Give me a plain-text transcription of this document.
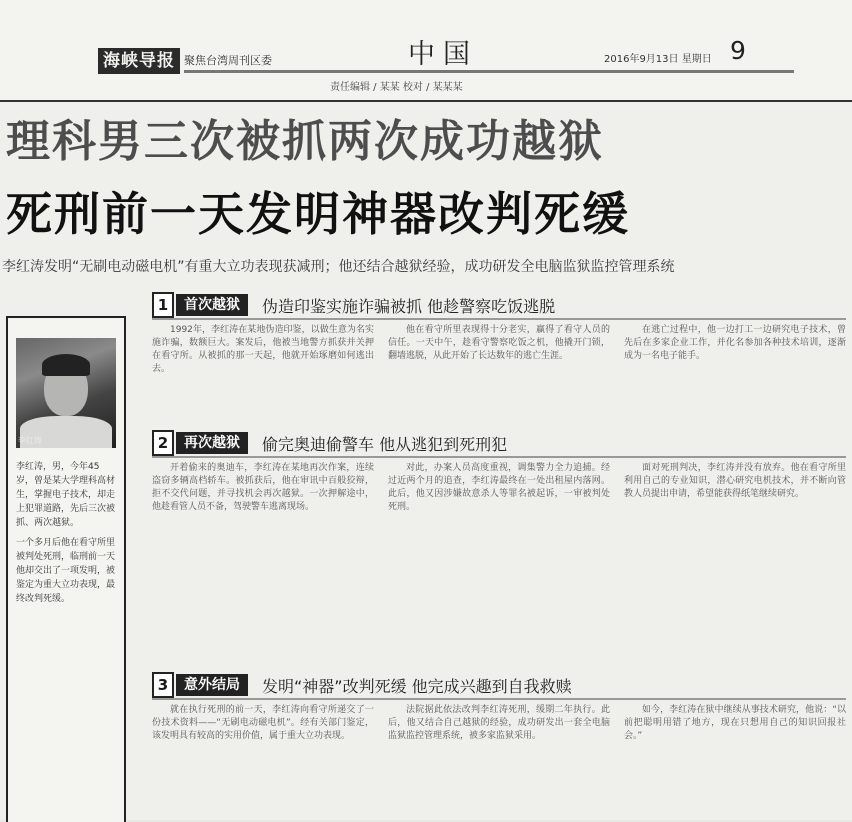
海峡导报 聚焦台湾周刊区委	中国	2016年9月13日 星期日 9
责任编辑 / 某某 校对 / 某某某
理科男三次被抓两次成功越狱
死刑前一天发明神器改判死缓
李红涛发明“无刷电动磁电机”有重大立功表现获减刑；他还结合越狱经验，成功研发全电脑监狱监控管理系统
李红涛

李红涛，男，今年45岁，曾是某大学理科高材生，掌握电子技术，却走上犯罪道路，先后三次被抓、两次越狱。

一个多月后他在看守所里被判处死刑，临刑前一天他却交出了一项发明，被鉴定为重大立功表现，最终改判死缓。

1	首次越狱	伪造印鉴实施诈骗被抓 他趁警察吃饭逃脱

1992年，李红涛在某地伪造印鉴，以做生意为名实施诈骗，数额巨大。案发后，他被当地警方抓获并关押在看守所。从被抓的那一天起，他就开始琢磨如何逃出去。

他在看守所里表现得十分老实，赢得了看守人员的信任。一天中午，趁看守警察吃饭之机，他撬开门锁，翻墙逃脱，从此开始了长达数年的逃亡生涯。

在逃亡过程中，他一边打工一边研究电子技术，曾先后在多家企业工作，并化名参加各种技术培训，逐渐成为一名电子能手。

2	再次越狱	偷完奥迪偷警车 他从逃犯到死刑犯

开着偷来的奥迪车，李红涛在某地再次作案，连续盗窃多辆高档轿车。被抓获后，他在审讯中百般狡辩，拒不交代问题，并寻找机会再次越狱。一次押解途中，他趁看管人员不备，驾驶警车逃离现场。

对此，办案人员高度重视，调集警力全力追捕。经过近两个月的追查，李红涛最终在一处出租屋内落网。此后，他又因涉嫌故意杀人等罪名被起诉，一审被判处死刑。

面对死刑判决，李红涛并没有放弃。他在看守所里利用自己的专业知识，潜心研究电机技术，并不断向管教人员提出申请，希望能获得纸笔继续研究。

3	意外结局	发明“神器”改判死缓 他完成兴趣到自我救赎

就在执行死刑的前一天，李红涛向看守所递交了一份技术资料——“无刷电动磁电机”。经有关部门鉴定，该发明具有较高的实用价值，属于重大立功表现。

法院据此依法改判李红涛死刑，缓期二年执行。此后，他又结合自己越狱的经验，成功研发出一套全电脑监狱监控管理系统，被多家监狱采用。

如今，李红涛在狱中继续从事技术研究，他说：“以前把聪明用错了地方，现在只想用自己的知识回报社会。”
